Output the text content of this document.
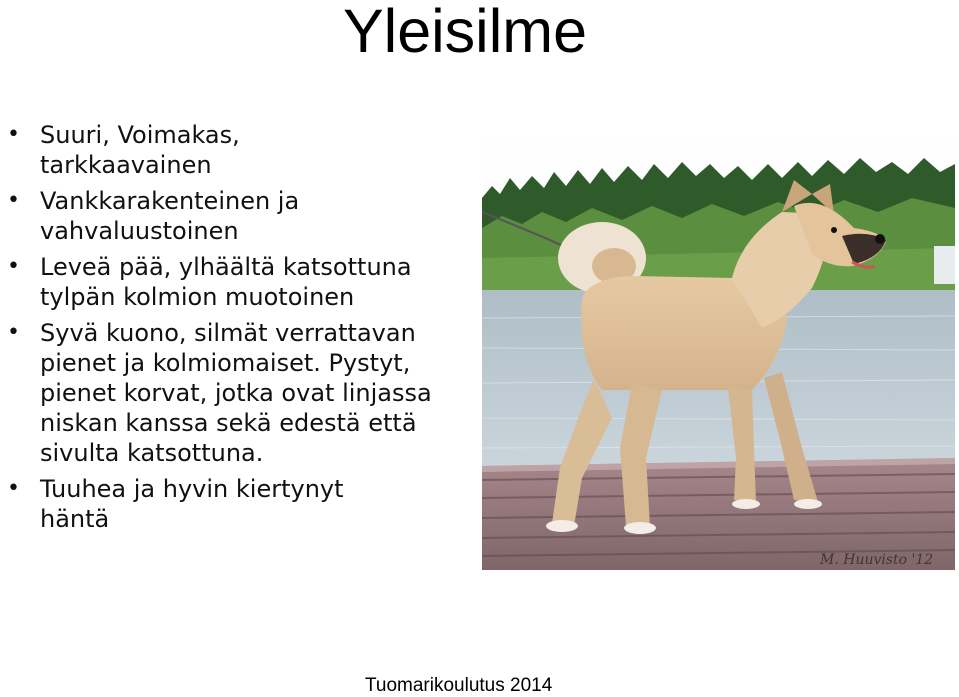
Yleisilme
• Suuri, Voimakas, tarkkaavainen
• Vankkarakenteinen ja vahvaluustoinen
• Leveä pää, ylhäältä katsottuna tylpän kolmion muotoinen
• Syvä kuono, silmät verrattavan pienet ja kolmiomaiset. Pystyt, pienet korvat, jotka ovat linjassa niskan kanssa sekä edestä että sivulta katsottuna.
• Tuuhea ja hyvin kiertynyt häntä
M. Huuvisto '12
Tuomarikoulutus 2014
